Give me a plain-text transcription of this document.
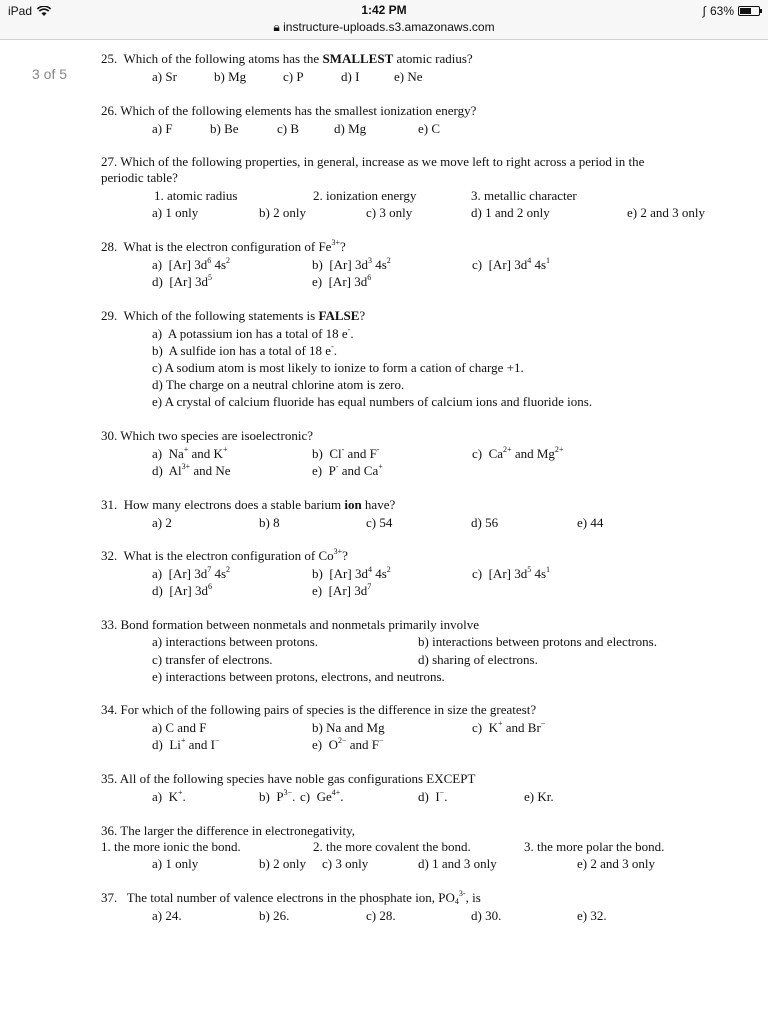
iPad	1:42 PM
🔒︎ instructure-uploads.s3.amazonaws.com
∫ 63%
3 of 5
25.  Which of the following atoms has the SMALLEST atomic radius?
a) Sr	b) Mg	c) P	d) I	e) Ne
26. Which of the following elements has the smallest ionization energy?
a) F	b) Be	c) B	d) Mg	e) C
27. Which of the following properties, in general, increase as we move left to right across a period in the
periodic table?
1. atomic radius	2. ionization energy	3. metallic character
a) 1 only	b) 2 only	c) 3 only	d) 1 and 2 only	e) 2 and 3 only
28.  What is the electron configuration of $Fe^{3+}$?
a)  [Ar] $3d^6$ $4s^2$	b)  [Ar] $3d^3$ $4s^2$	c)  [Ar] $3d^4$ $4s^1$
d)  [Ar] $3d^5$	e)  [Ar] $3d^6$
29.  Which of the following statements is FALSE?
a)  A potassium ion has a total of 18 e-.
b)  A sulfide ion has a total of 18 e-.
c) A sodium atom is most likely to ionize to form a cation of charge +1.
d) The charge on a neutral chlorine atom is zero.
e) A crystal of calcium fluoride has equal numbers of calcium ions and fluoride ions.
30. Which two species are isoelectronic?
a)  Na+ and K+	b)  Cl- and F-	c)  $Ca^{2+}$ and $Mg^{2+}$
d)  $Al^{3+}$ and Ne	e)  P- and Ca+
31.  How many electrons does a stable barium ion have?
a) 2	b) 8	c) 54	d) 56	e) 44
32.  What is the electron configuration of $Co^{3+}$?
a)  [Ar] $3d^7$ $4s^2$	b)  [Ar] $3d^4$ $4s^2$	c)  [Ar] $3d^5$ $4s^1$
d)  [Ar] $3d^6$	e)  [Ar] $3d^7$
33. Bond formation between nonmetals and nonmetals primarily involve
a) interactions between protons.	b) interactions between protons and electrons.
c) transfer of electrons.	d) sharing of electrons.
e) interactions between protons, electrons, and neutrons.
34. For which of the following pairs of species is the difference in size the greatest?
a) C and F	b) Na and Mg	c)  K+ and Br−
d)  Li+ and I−	e)  $O^{2-}$ and F−
35. All of the following species have noble gas configurations EXCEPT
a)  K+.	b)  $P^{3-}$. c)  $Ge^{4+}$.	d)  I−.	e) Kr.
36. The larger the difference in electronegativity,
1. the more ionic the bond.	2. the more covalent the bond.	3. the more polar the bond.
a) 1 only	b) 2 only c) 3 only	d) 1 and 3 only	e) 2 and 3 only
37.   The total number of valence electrons in the phosphate ion, $PO_4^{3-}$, is
a) 24.	b) 26.	c) 28.	d) 30.	e) 32.
